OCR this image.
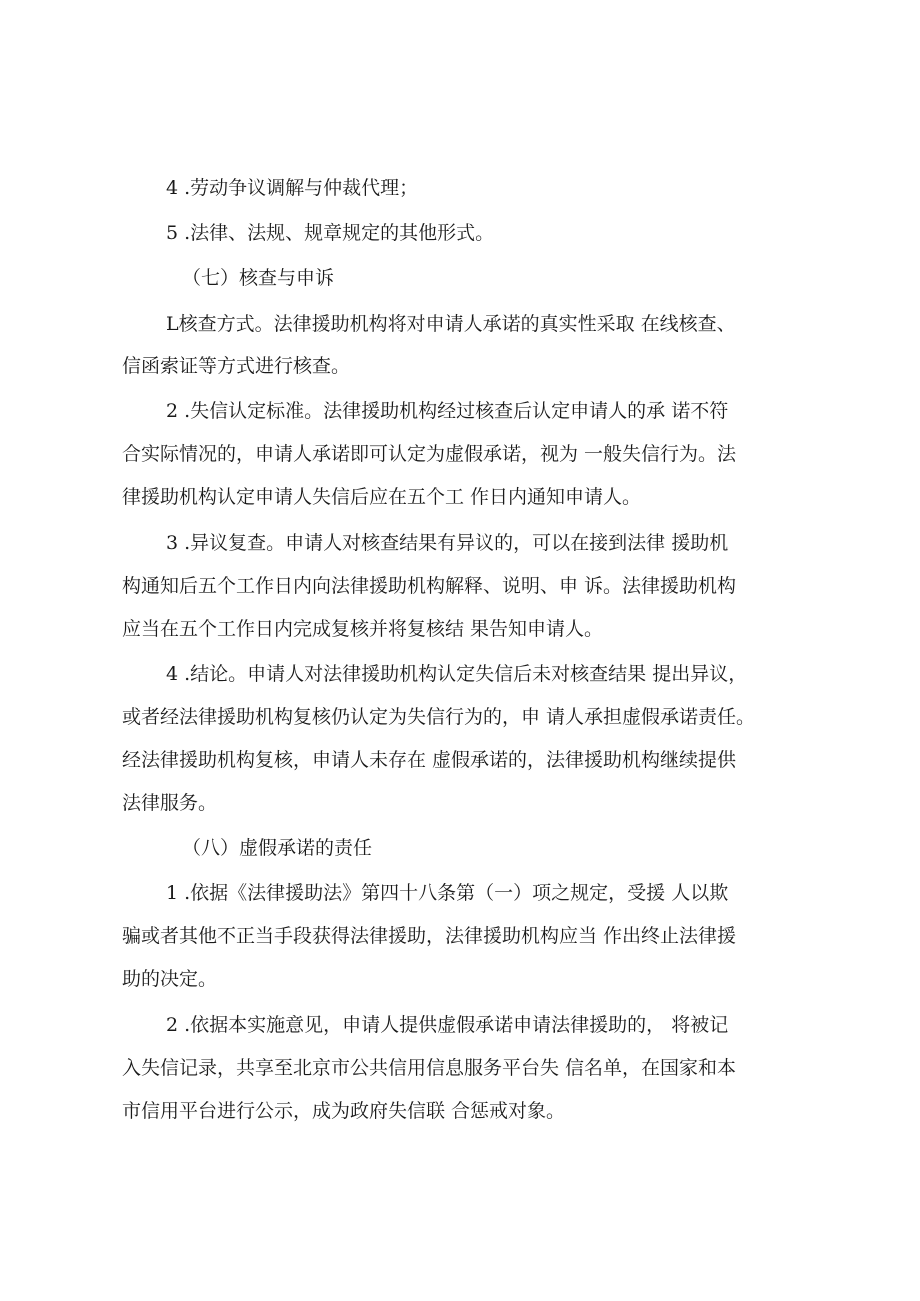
4 .劳动争议调解与仲裁代理；

5 .法律、法规、规章规定的其他形式。

（七）核查与申诉

L核查方式。法律援助机构将对申请人承诺的真实性采取 在线核查、

信函索证等方式进行核查。

2 .失信认定标准。法律援助机构经过核查后认定申请人的承 诺不符

合实际情况的，申请人承诺即可认定为虚假承诺，视为 一般失信行为。法

律援助机构认定申请人失信后应在五个工 作日内通知申请人。

3 .异议复查。申请人对核查结果有异议的，可以在接到法律 援助机

构通知后五个工作日内向法律援助机构解释、说明、申 诉。法律援助机构

应当在五个工作日内完成复核并将复核结 果告知申请人。

4 .结论。申请人对法律援助机构认定失信后未对核查结果 提出异议，

或者经法律援助机构复核仍认定为失信行为的，申 请人承担虚假承诺责任。

经法律援助机构复核，申请人未存在 虚假承诺的，法律援助机构继续提供

法律服务。

（八）虚假承诺的责任

1 .依据《法律援助法》第四十八条第（一）项之规定，受援 人以欺

骗或者其他不正当手段获得法律援助，法律援助机构应当 作出终止法律援

助的决定。

2 .依据本实施意见，申请人提供虚假承诺申请法律援助的， 将被记

入失信记录，共享至北京市公共信用信息服务平台失 信名单，在国家和本

市信用平台进行公示，成为政府失信联 合惩戒对象。
